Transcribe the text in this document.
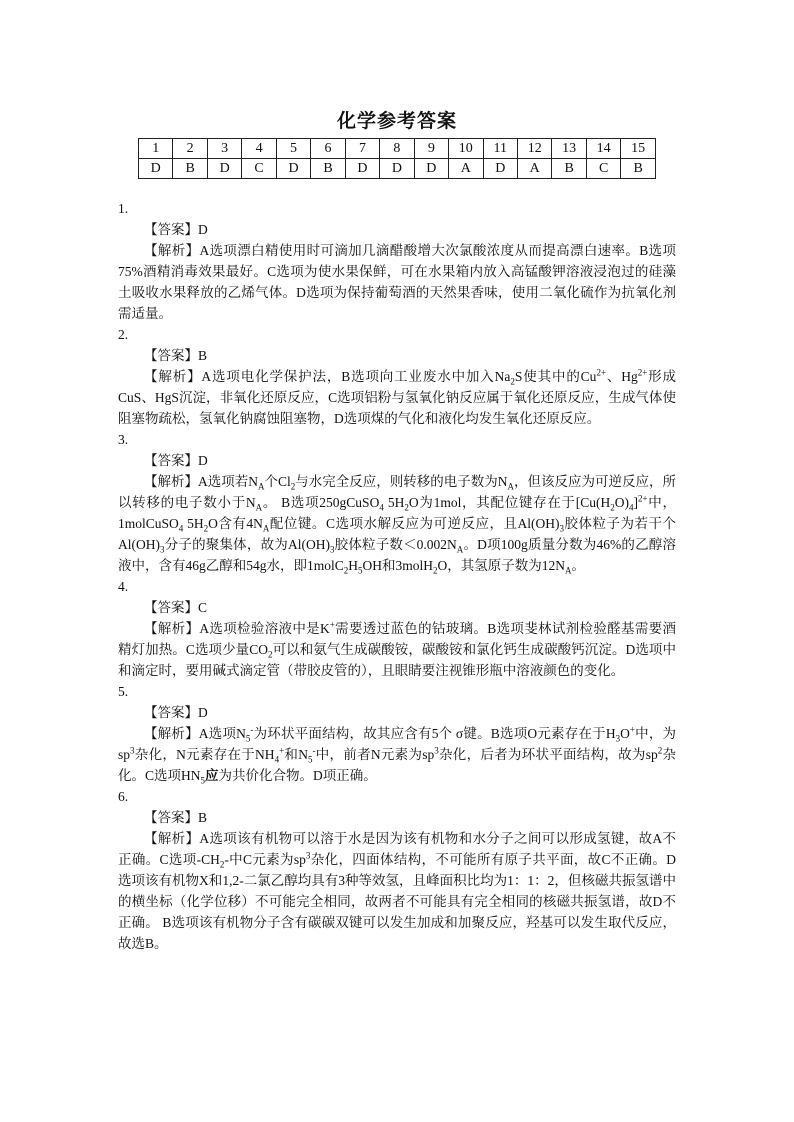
化学参考答案
1	2	3	4	5	6	7	8	9	10	11	12	13	14	15
D	B	D	C	D	B	D	D	D	A	D	A	B	C	B

1.

【答案】D

【解析】A选项漂白精使用时可滴加几滴醋酸增大次氯酸浓度从而提高漂白速率。B选项75%酒精消毒效果最好。C选项为使水果保鲜，可在水果箱内放入高锰酸钾溶液浸泡过的硅藻土吸收水果释放的乙烯气体。D选项为保持葡萄酒的天然果香味，使用二氧化硫作为抗氧化剂需适量。

2.

【答案】B

【解析】A选项电化学保护法，B选项向工业废水中加入$Na_2S$使其中的$Cu^{2+}$、$Hg^{2+}$形成CuS、HgS沉淀，非氧化还原反应，C选项铝粉与氢氧化钠反应属于氧化还原反应，生成气体使阻塞物疏松，氢氧化钠腐蚀阻塞物，D选项煤的气化和液化均发生氧化还原反应。

3.

【答案】D

【解析】A选项若$N_A$个$Cl_2$与水完全反应，则转移的电子数为$N_A$，但该反应为可逆反应，所以转移的电子数小于$N_A$。 B选项250gCuSO$_4$ $5H_2O$为1mol，其配位键存在于$[Cu(H_2O)_4]^{2+}$中，1molCuSO$_4$ $5H_2O$含有$4N_A$配位键。C选项水解反应为可逆反应，且$Al(OH)_3$胶体粒子为若干个$Al(OH)_3$分子的聚集体，故为$Al(OH)_3$胶体粒子数$<0.002N_A$。D项100g质量分数为46%的乙醇溶液中，含有46g乙醇和54g水，即$1molC_2H_5OH$和3molH$_2$O，其氢原子数为$12N_A$。

4.

【答案】C

【解析】A选项检验溶液中是K+需要透过蓝色的钴玻璃。B选项斐林试剂检验醛基需要酒精灯加热。C选项少量$CO_2$可以和氨气生成碳酸铵，碳酸铵和氯化钙生成碳酸钙沉淀。D选项中和滴定时，要用碱式滴定管（带胶皮管的），且眼睛要注视锥形瓶中溶液颜色的变化。

5.

【答案】D

【解析】A选项$N_5^-$为环状平面结构，故其应含有5个 σ键。B选项O元素存在于$H_3O^+$中，为$sp^3$杂化，N元素存在于$NH_4^+$和$N_5^-$中，前者N元素为$sp^3$杂化，后者为环状平面结构，故为$sp^2$杂化。C选项$HN_5$应为共价化合物。D项正确。

6.

【答案】B

【解析】A选项该有机物可以溶于水是因为该有机物和水分子之间可以形成氢键，故A不正确。C选项$-CH_2-$中C元素为$sp^3$杂化，四面体结构，不可能所有原子共平面，故C不正确。D选项该有机物X和1,2-二氯乙醇均具有3种等效氢，且峰面积比均为1：1：2，但核磁共振氢谱中的横坐标（化学位移）不可能完全相同，故两者不可能具有完全相同的核磁共振氢谱，故D不正确。 B选项该有机物分子含有碳碳双键可以发生加成和加聚反应，羟基可以发生取代反应，故选B。
